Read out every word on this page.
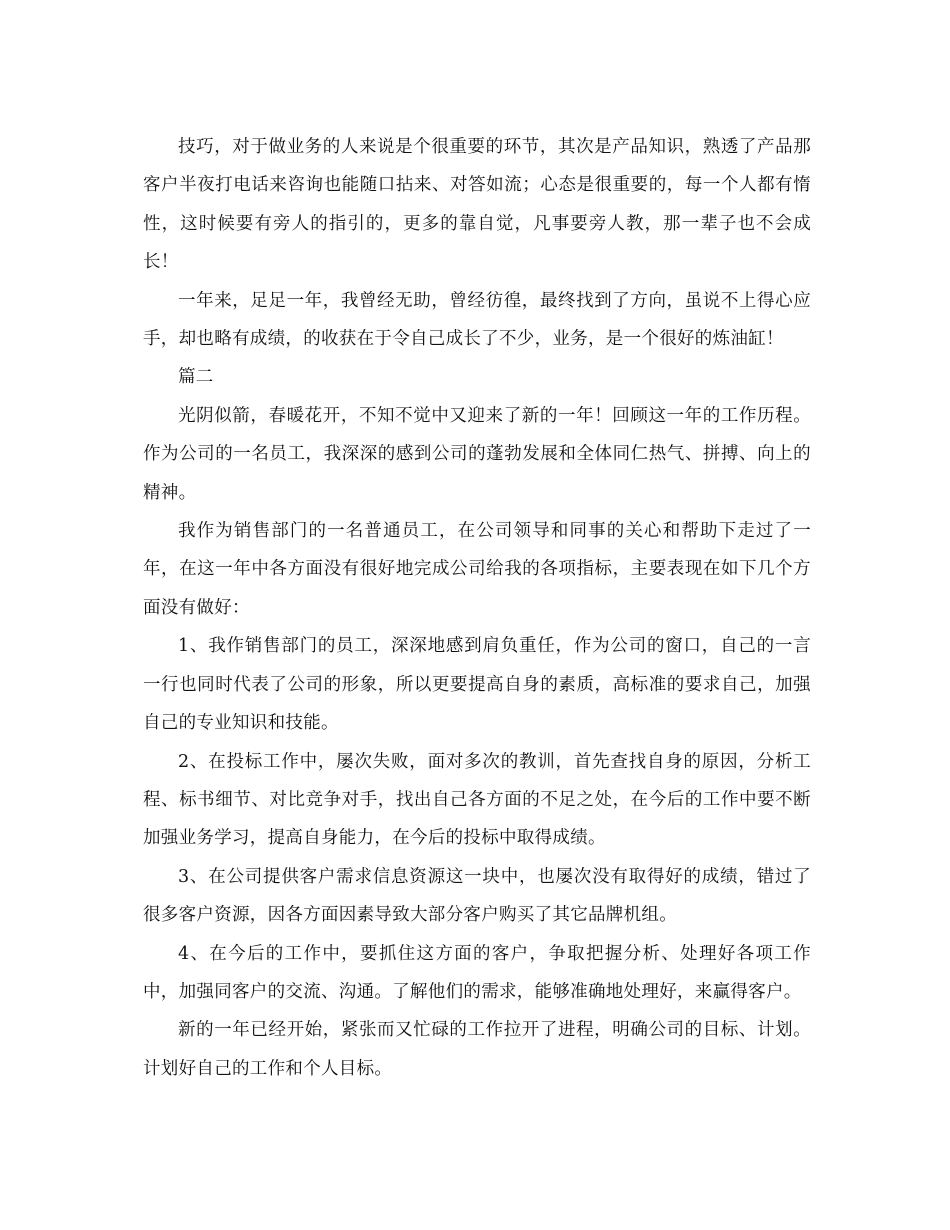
技巧，对于做业务的人来说是个很重要的环节，其次是产品知识，熟透了产品那客户半夜打电话来咨询也能随口拈来、对答如流；心态是很重要的，每一个人都有惰性，这时候要有旁人的指引的，更多的靠自觉，凡事要旁人教，那一辈子也不会成长！

一年来，足足一年，我曾经无助，曾经彷徨，最终找到了方向，虽说不上得心应手，却也略有成绩，的收获在于令自己成长了不少，业务，是一个很好的炼油缸！

篇二

光阴似箭，春暖花开，不知不觉中又迎来了新的一年！回顾这一年的工作历程。作为公司的一名员工，我深深的感到公司的蓬勃发展和全体同仁热气、拼搏、向上的精神。

我作为销售部门的一名普通员工，在公司领导和同事的关心和帮助下走过了一年，在这一年中各方面没有很好地完成公司给我的各项指标，主要表现在如下几个方面没有做好：

1、我作销售部门的员工，深深地感到肩负重任，作为公司的窗口，自己的一言一行也同时代表了公司的形象，所以更要提高自身的素质，高标准的要求自己，加强自己的专业知识和技能。

2、在投标工作中，屡次失败，面对多次的教训，首先查找自身的原因，分析工程、标书细节、对比竞争对手，找出自己各方面的不足之处，在今后的工作中要不断加强业务学习，提高自身能力，在今后的投标中取得成绩。

3、在公司提供客户需求信息资源这一块中，也屡次没有取得好的成绩，错过了很多客户资源，因各方面因素导致大部分客户购买了其它品牌机组。

4、在今后的工作中，要抓住这方面的客户，争取把握分析、处理好各项工作中，加强同客户的交流、沟通。了解他们的需求，能够准确地处理好，来赢得客户。

新的一年已经开始，紧张而又忙碌的工作拉开了进程，明确公司的目标、计划。计划好自己的工作和个人目标。
